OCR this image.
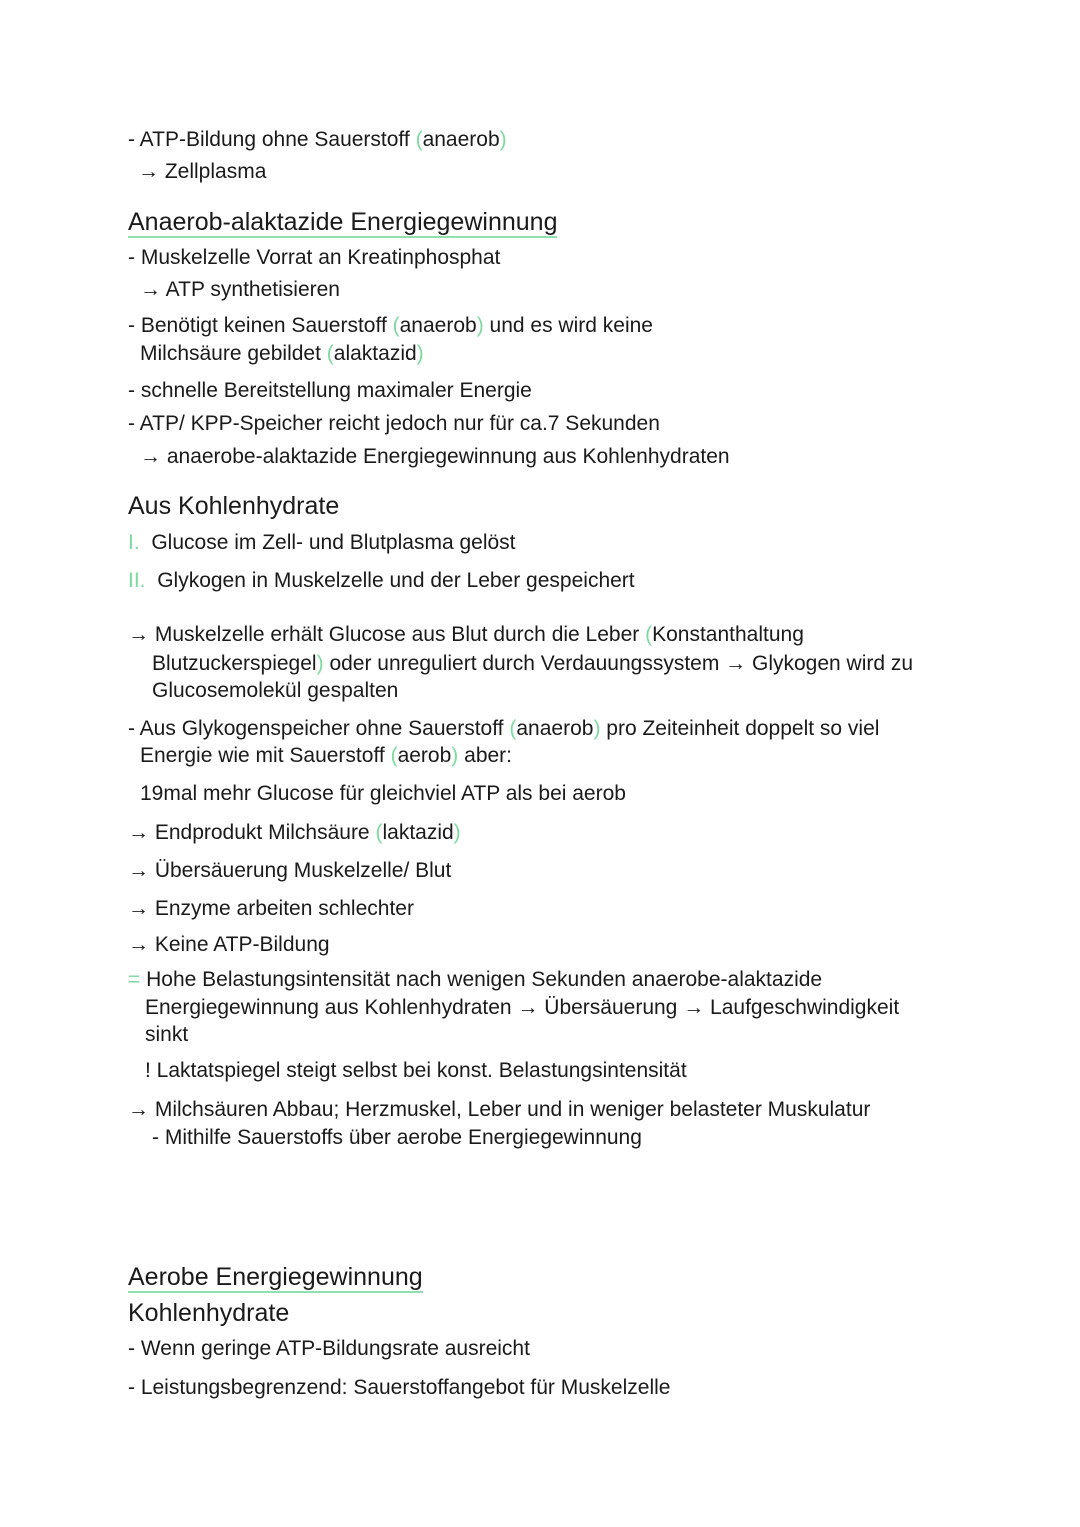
- ATP-Bildung ohne Sauerstoff (anaerob)
→ Zellplasma
Anaerob-alaktazide Energiegewinnung
- Muskelzelle Vorrat an Kreatinphosphat
→ ATP synthetisieren
- Benötigt keinen Sauerstoff (anaerob) und es wird keine
Milchsäure gebildet (alaktazid)
- schnelle Bereitstellung maximaler Energie
- ATP/ KPP-Speicher reicht jedoch nur für ca.7 Sekunden
→ anaerobe-alaktazide Energiegewinnung aus Kohlenhydraten
Aus Kohlenhydrate
I. Glucose im Zell- und Blutplasma gelöst
II. Glykogen in Muskelzelle und der Leber gespeichert
→ Muskelzelle erhält Glucose aus Blut durch die Leber (Konstanthaltung
Blutzuckerspiegel) oder unreguliert durch Verdauungssystem → Glykogen wird zu
Glucosemolekül gespalten
- Aus Glykogenspeicher ohne Sauerstoff (anaerob) pro Zeiteinheit doppelt so viel
Energie wie mit Sauerstoff (aerob) aber:
19mal mehr Glucose für gleichviel ATP als bei aerob
→ Endprodukt Milchsäure (laktazid)
→ Übersäuerung Muskelzelle/ Blut
→ Enzyme arbeiten schlechter
→ Keine ATP-Bildung
= Hohe Belastungsintensität nach wenigen Sekunden anaerobe-alaktazide
Energiegewinnung aus Kohlenhydraten → Übersäuerung → Laufgeschwindigkeit
sinkt
! Laktatspiegel steigt selbst bei konst. Belastungsintensität
→ Milchsäuren Abbau; Herzmuskel, Leber und in weniger belasteter Muskulatur
- Mithilfe Sauerstoffs über aerobe Energiegewinnung
Aerobe Energiegewinnung
Kohlenhydrate
- Wenn geringe ATP-Bildungsrate ausreicht
- Leistungsbegrenzend: Sauerstoffangebot für Muskelzelle
